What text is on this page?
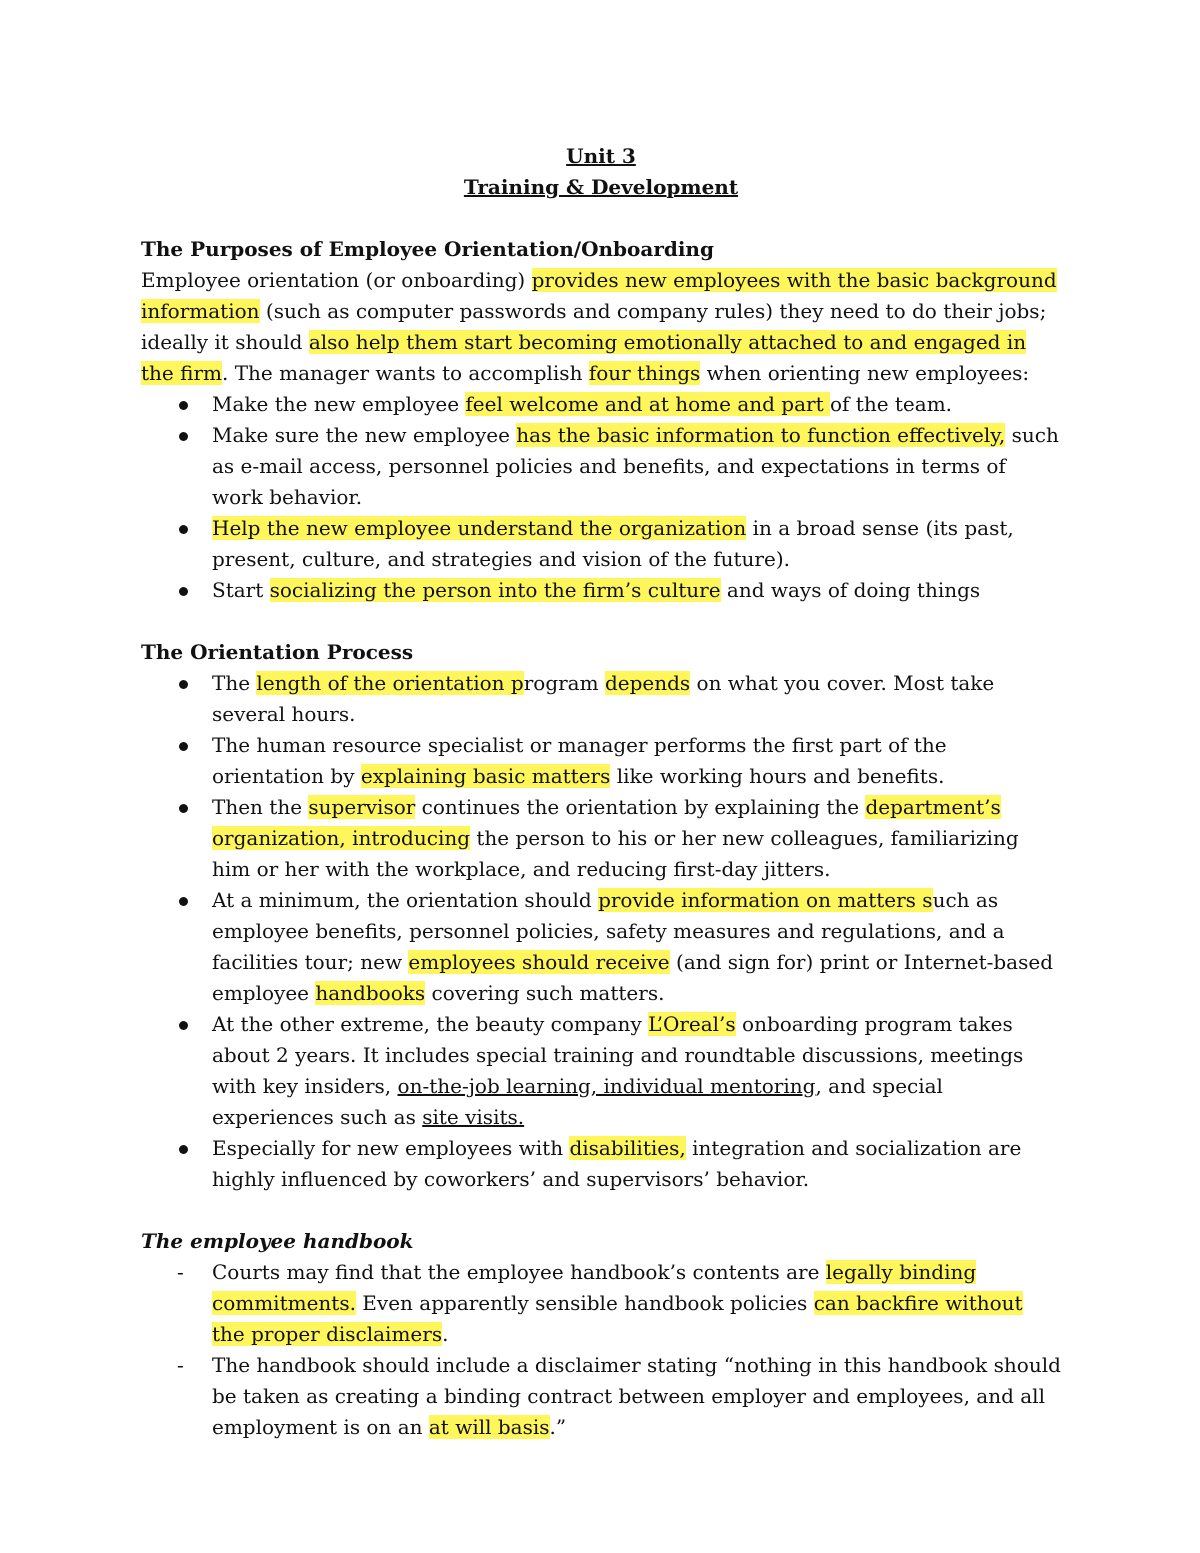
Unit 3

Training & Development

The Purposes of Employee Orientation/Onboarding

Employee orientation (or onboarding) provides new employees with the basic background information (such as computer passwords and company rules) they need to do their jobs; ideally it should also help them start becoming emotionally attached to and engaged in the firm. The manager wants to accomplish four things when orienting new employees:

Make the new employee feel welcome and at home and part of the team.
Make sure the new employee has the basic information to function effectively, such as e-mail access, personnel policies and benefits, and expectations in terms of work behavior.
Help the new employee understand the organization in a broad sense (its past, present, culture, and strategies and vision of the future).
Start socializing the person into the firm’s culture and ways of doing things

The Orientation Process

The length of the orientation program depends on what you cover. Most take several hours.
The human resource specialist or manager performs the first part of the orientation by explaining basic matters like working hours and benefits.
Then the supervisor continues the orientation by explaining the department’s organization, introducing the person to his or her new colleagues, familiarizing him or her with the workplace, and reducing first-day jitters.
At a minimum, the orientation should provide information on matters such as employee benefits, personnel policies, safety measures and regulations, and a facilities tour; new employees should receive (and sign for) print or Internet-based employee handbooks covering such matters.
At the other extreme, the beauty company L’Oreal’s onboarding program takes about 2 years. It includes special training and roundtable discussions, meetings with key insiders, on-the-job learning, individual mentoring, and special experiences such as site visits.
Especially for new employees with disabilities, integration and socialization are highly influenced by coworkers’ and supervisors’ behavior.

The employee handbook

- Courts may find that the employee handbook’s contents are legally binding commitments. Even apparently sensible handbook policies can backfire without the proper disclaimers.
- The handbook should include a disclaimer stating “nothing in this handbook should be taken as creating a binding contract between employer and employees, and all employment is on an at will basis.”
